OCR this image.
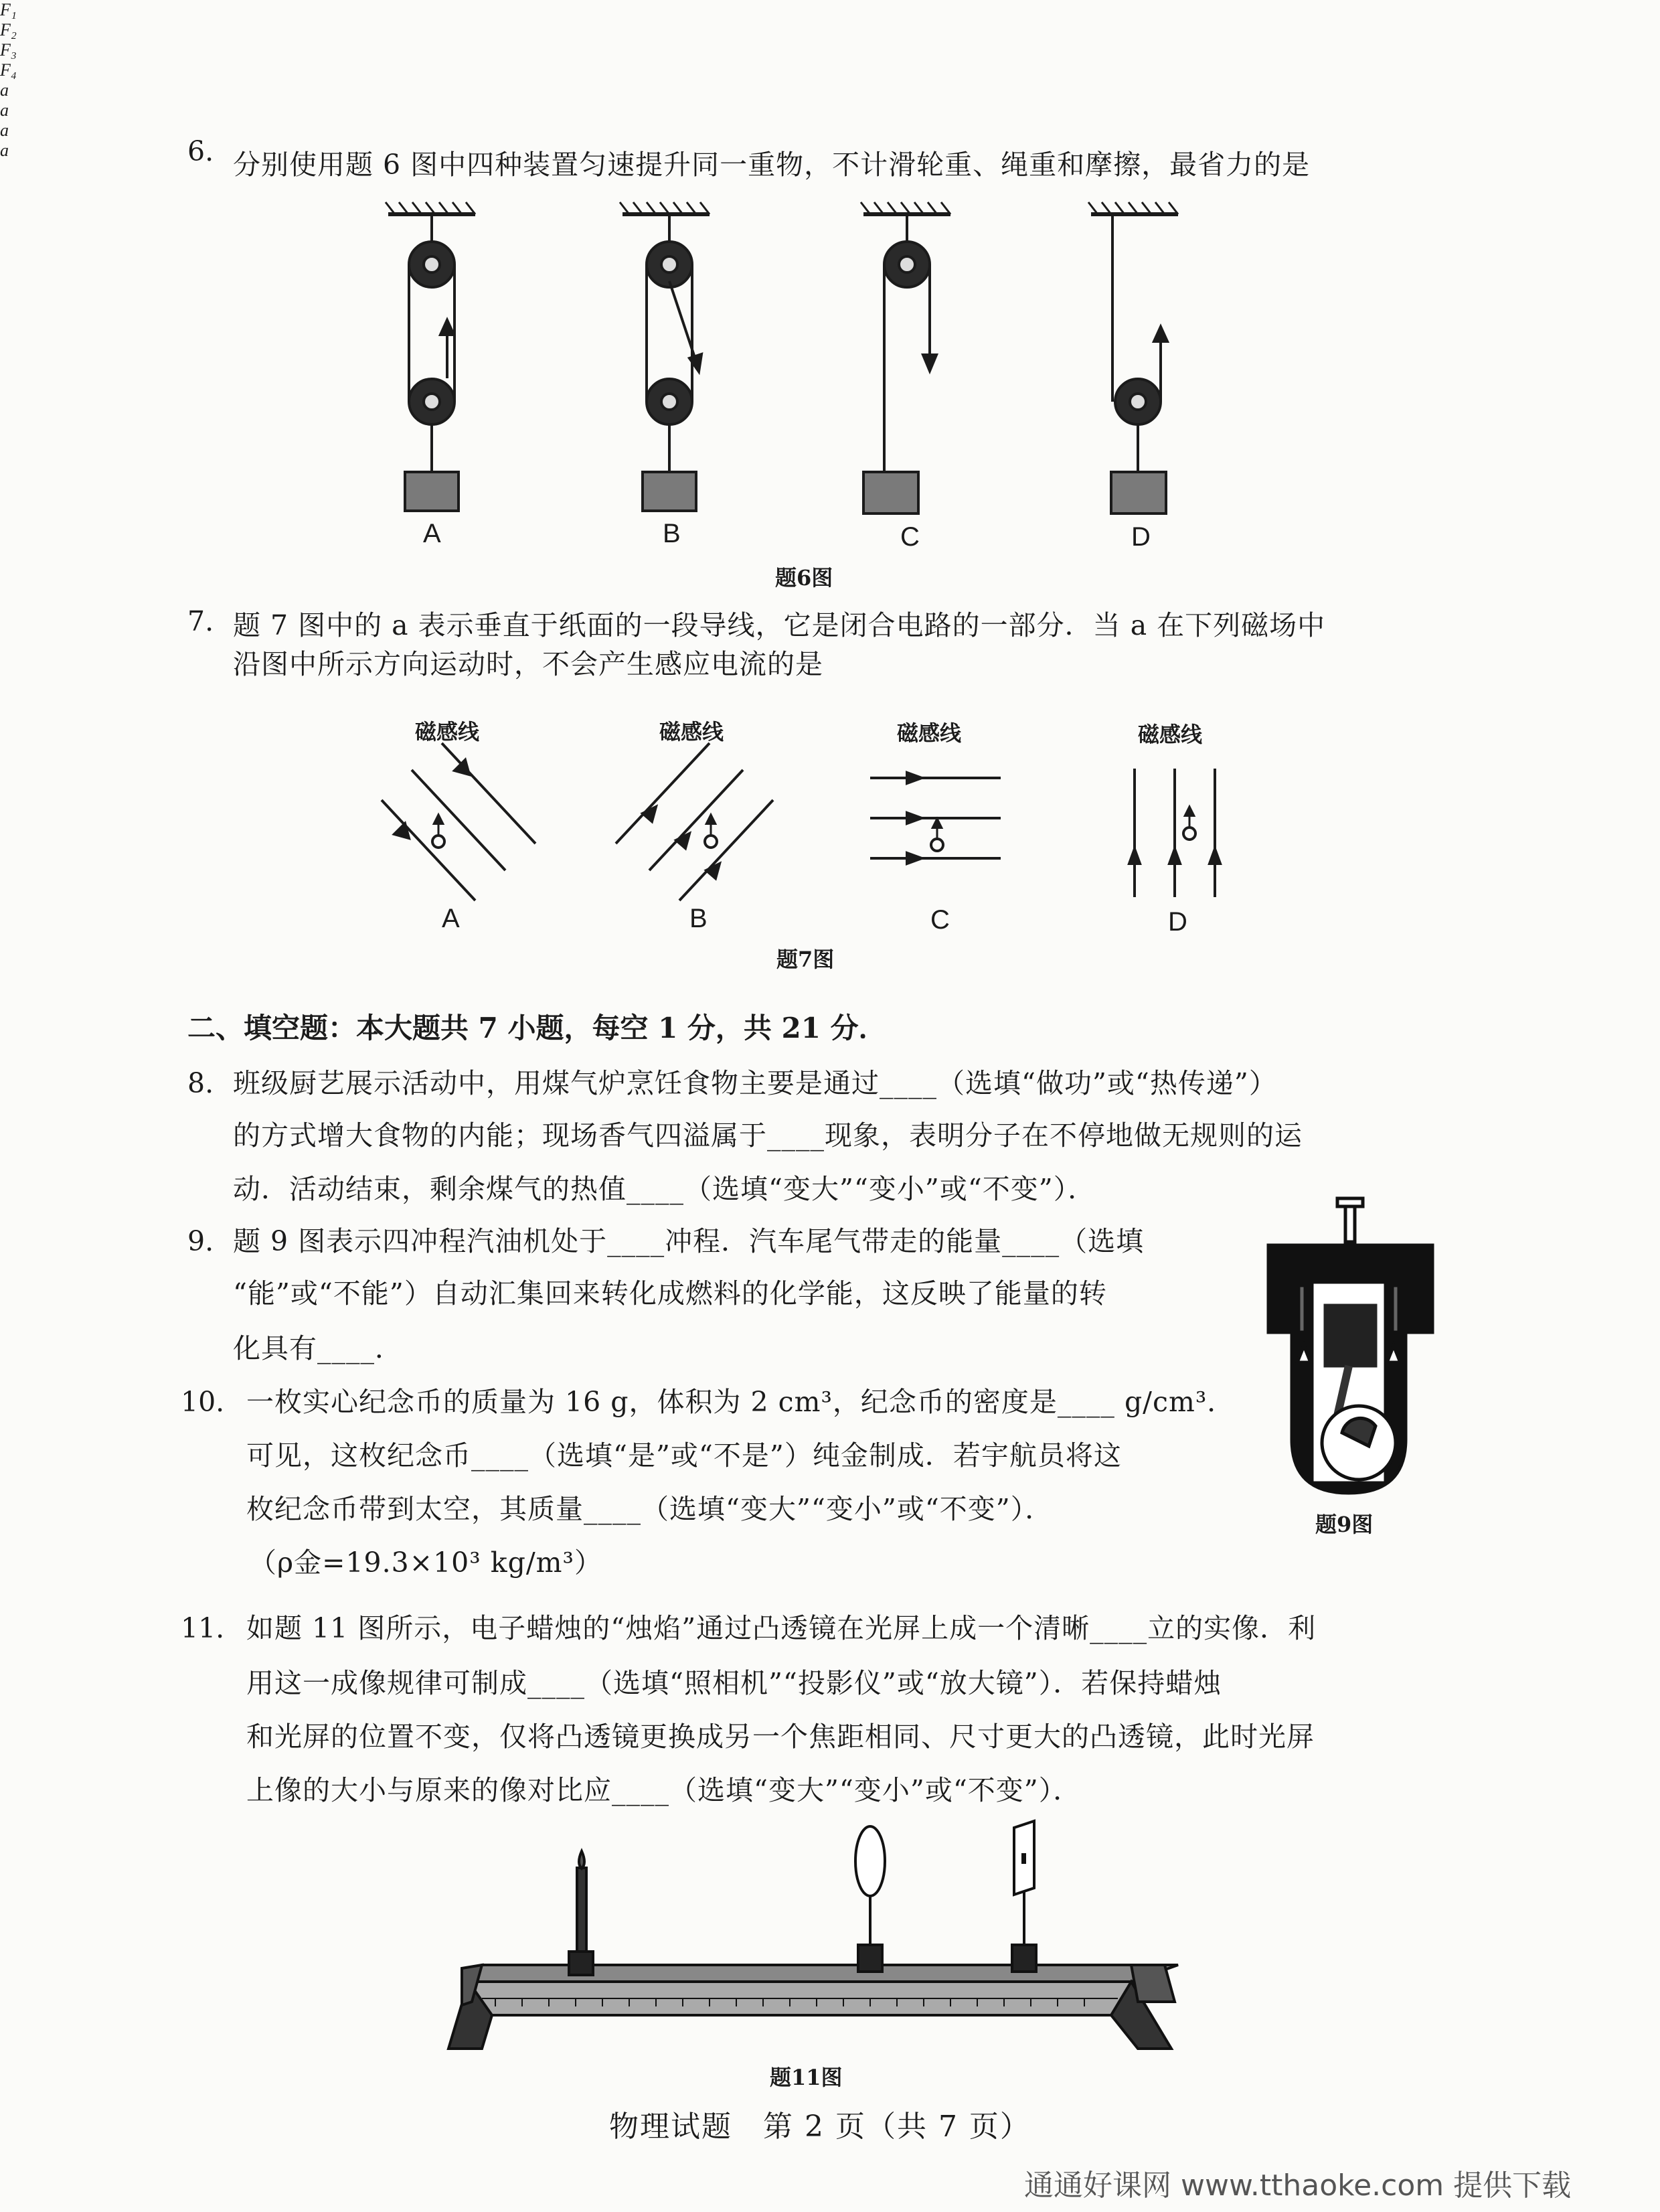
6. 分别使用题 6 图中四种装置匀速提升同一重物，不计滑轮重、绳重和摩擦，最省力的是
F₁
F₂
F₃
F₄
A	B	C	D
题6图
7. 题 7 图中的 a 表示垂直于纸面的一段导线，它是闭合电路的一部分．当 a 在下列磁场中
沿图中所示方向运动时，不会产生感应电流的是
磁感线	磁感线	磁感线	磁感线
a
a
a
a
A	B	C	D
题7图
二、填空题：本大题共 7 小题，每空 1 分，共 21 分．
8. 班级厨艺展示活动中，用煤气炉烹饪食物主要是通过____（选填“做功”或“热传递”）
的方式增大食物的内能；现场香气四溢属于____现象，表明分子在不停地做无规则的运
动．活动结束，剩余煤气的热值____（选填“变大”“变小”或“不变”）．
9. 题 9 图表示四冲程汽油机处于____冲程．汽车尾气带走的能量____（选填
“能”或“不能”）自动汇集回来转化成燃料的化学能，这反映了能量的转
化具有____．
题9图
10. 一枚实心纪念币的质量为 16 g，体积为 2 cm³，纪念币的密度是____ g/cm³．
可见，这枚纪念币____（选填“是”或“不是”）纯金制成．若宇航员将这
枚纪念币带到太空，其质量____（选填“变大”“变小”或“不变”）．
（ρ金=19.3×10³ kg/m³）
11. 如题 11 图所示，电子蜡烛的“烛焰”通过凸透镜在光屏上成一个清晰____立的实像．利
用这一成像规律可制成____（选填“照相机”“投影仪”或“放大镜”）．若保持蜡烛
和光屏的位置不变，仅将凸透镜更换成另一个焦距相同、尺寸更大的凸透镜，此时光屏
上像的大小与原来的像对比应____（选填“变大”“变小”或“不变”）．
题11图
物理试题　第 2 页（共 7 页）
通通好课网 www.tthaoke.com 提供下载
